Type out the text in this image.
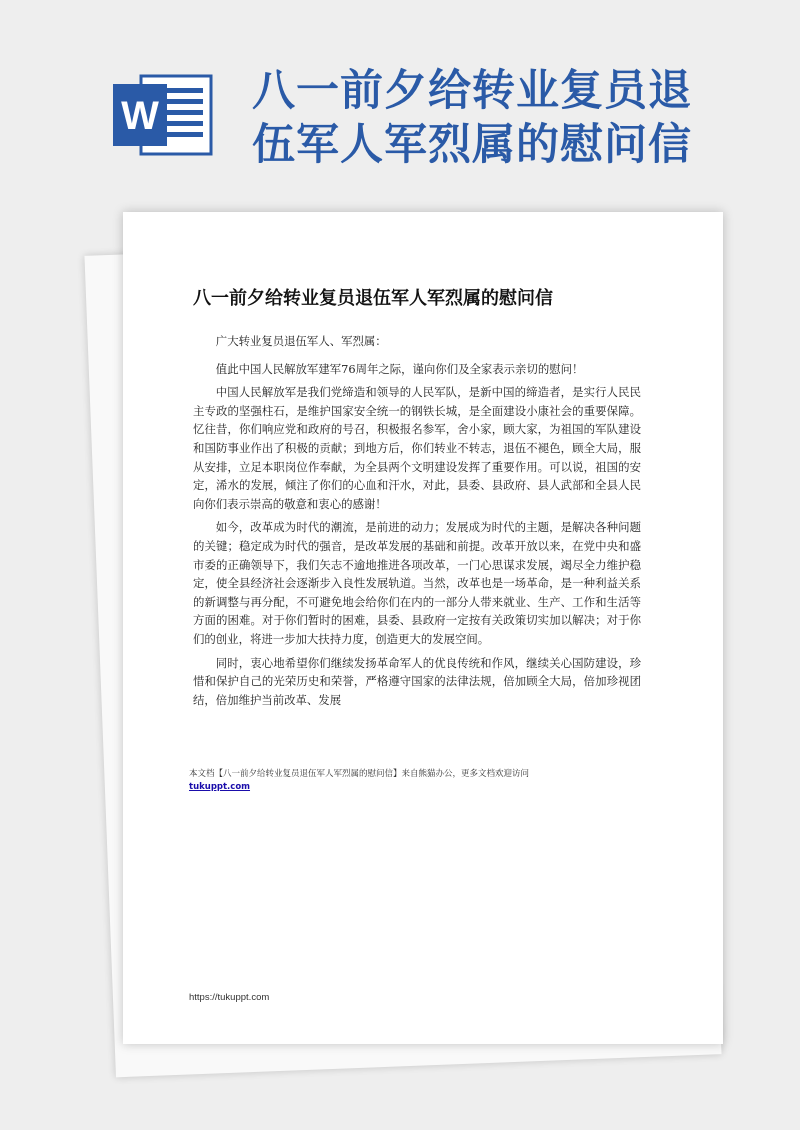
W 八一前夕给转业复员退
伍军人军烈属的慰问信
八一前夕给转业复员退伍军人军烈属的慰问信

广大转业复员退伍军人、军烈属：

值此中国人民解放军建军76周年之际，谨向你们及全家表示亲切的慰问！

中国人民解放军是我们党缔造和领导的人民军队，是新中国的缔造者，是实行人民民主专政的坚强柱石，是维护国家安全统一的钢铁长城，是全面建设小康社会的重要保障。忆往昔，你们响应党和政府的号召，积极报名参军，舍小家，顾大家，为祖国的军队建设和国防事业作出了积极的贡献；到地方后，你们转业不转志，退伍不褪色，顾全大局，服从安排，立足本职岗位作奉献，为全县两个文明建设发挥了重要作用。可以说，祖国的安定，浠水的发展，倾注了你们的心血和汗水，对此，县委、县政府、县人武部和全县人民向你们表示崇高的敬意和衷心的感谢！

如今，改革成为时代的潮流，是前进的动力；发展成为时代的主题，是解决各种问题的关键；稳定成为时代的强音，是改革发展的基础和前提。改革开放以来，在党中央和盛市委的正确领导下，我们矢志不逾地推进各项改革，一门心思谋求发展，竭尽全力维护稳定，使全县经济社会逐渐步入良性发展轨道。当然，改革也是一场革命，是一种利益关系的新调整与再分配，不可避免地会给你们在内的一部分人带来就业、生产、工作和生活等方面的困难。对于你们暂时的困难，县委、县政府一定按有关政策切实加以解决；对于你们的创业，将进一步加大扶持力度，创造更大的发展空间。

同时，衷心地希望你们继续发扬革命军人的优良传统和作风，继续关心国防建设，珍惜和保护自己的光荣历史和荣誉，严格遵守国家的法律法规，倍加顾全大局，倍加珍视团结，倍加维护当前改革、发展

本文档【八一前夕给转业复员退伍军人军烈属的慰问信】来自熊猫办公，更多文档欢迎访问
tukuppt.com
https://tukuppt.com
